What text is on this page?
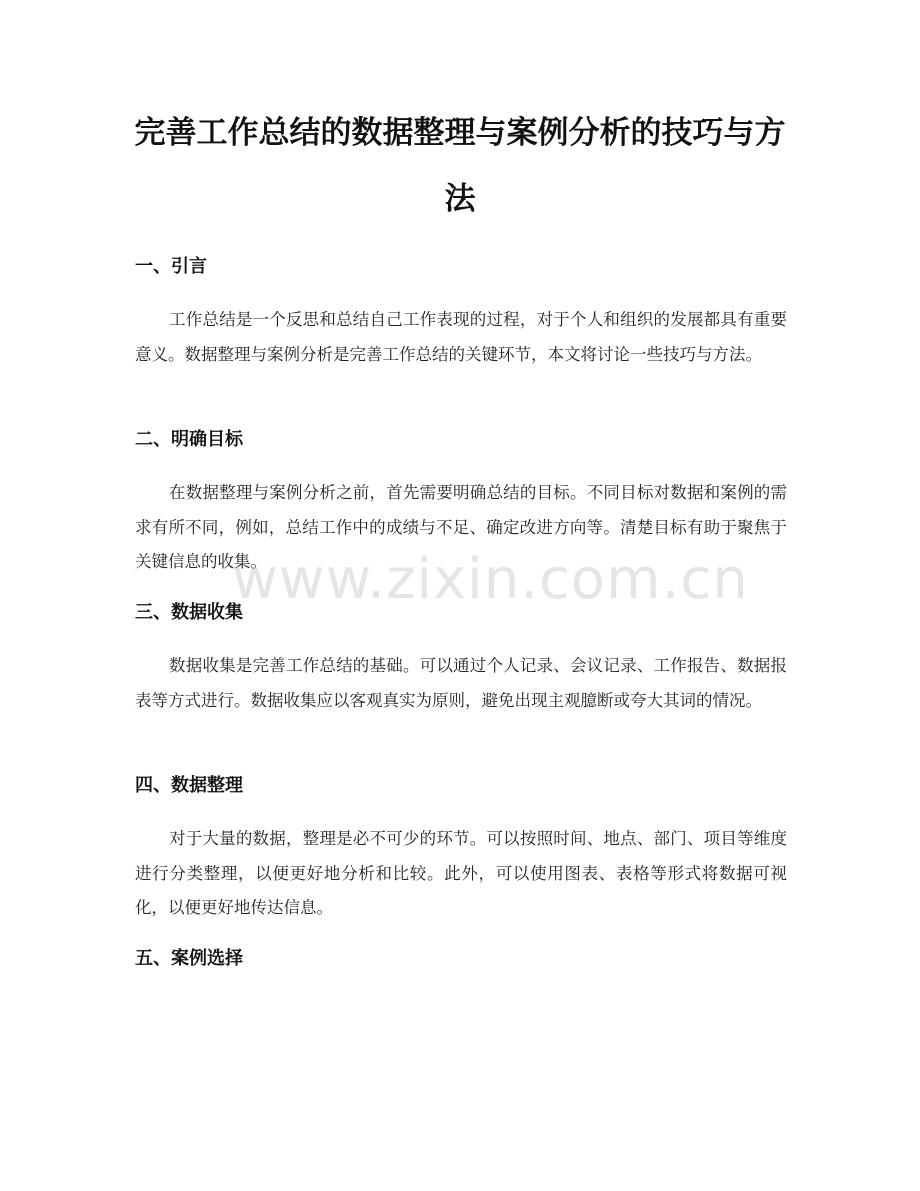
完善工作总结的数据整理与案例分析的技巧与方法
一、引言

工作总结是一个反思和总结自己工作表现的过程，对于个人和组织的发展都具有重要意义。数据整理与案例分析是完善工作总结的关键环节，本文将讨论一些技巧与方法。

二、明确目标

在数据整理与案例分析之前，首先需要明确总结的目标。不同目标对数据和案例的需求有所不同，例如，总结工作中的成绩与不足、确定改进方向等。清楚目标有助于聚焦于关键信息的收集。

三、数据收集

数据收集是完善工作总结的基础。可以通过个人记录、会议记录、工作报告、数据报表等方式进行。数据收集应以客观真实为原则，避免出现主观臆断或夸大其词的情况。

四、数据整理

对于大量的数据，整理是必不可少的环节。可以按照时间、地点、部门、项目等维度进行分类整理，以便更好地分析和比较。此外，可以使用图表、表格等形式将数据可视化，以便更好地传达信息。

五、案例选择
www.zixin.com.cn
